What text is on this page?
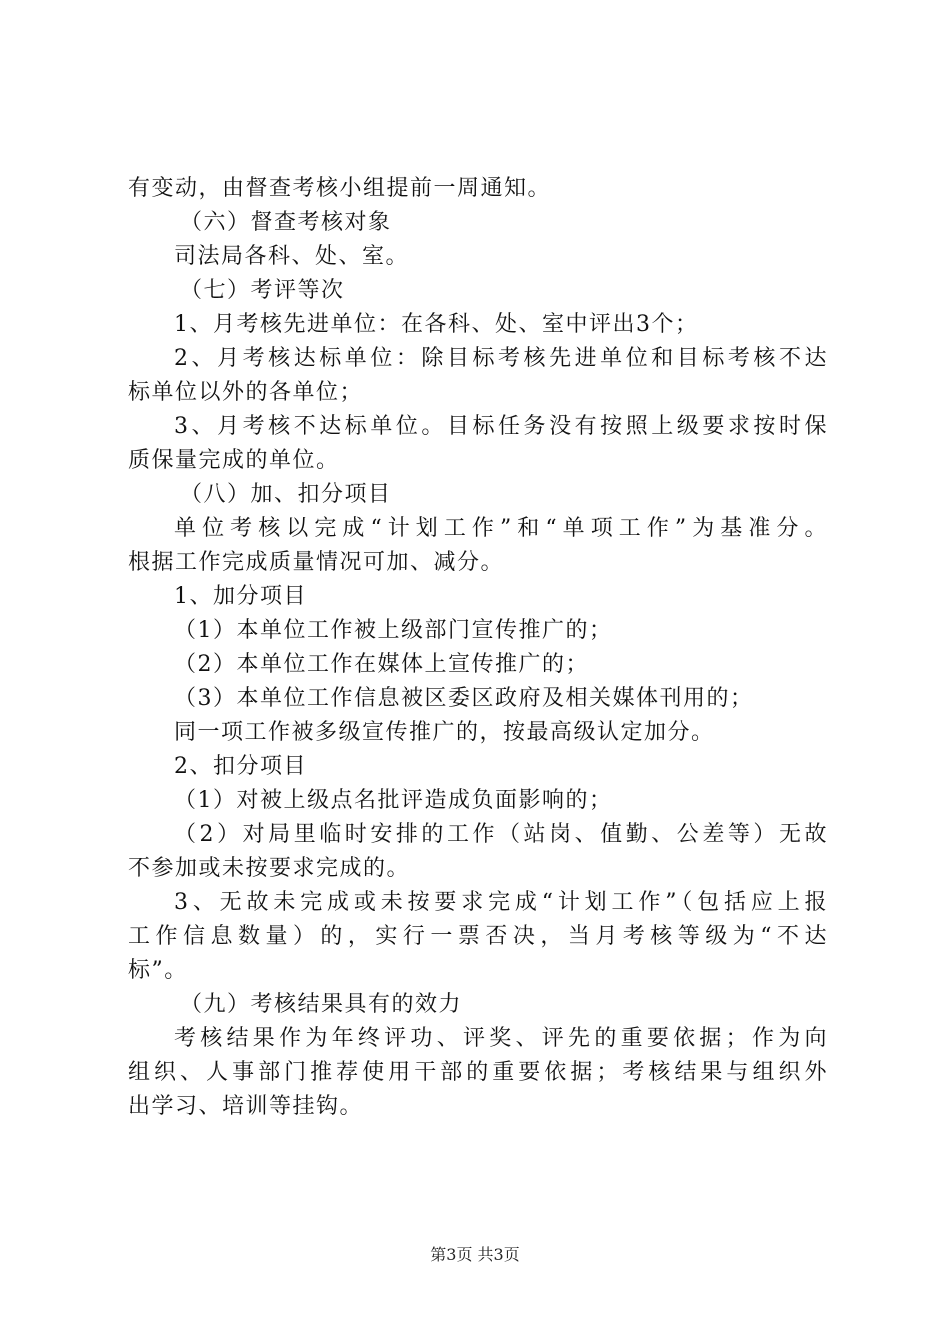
有变动，由督查考核小组提前一周通知。
（六）督查考核对象
司法局各科、处、室。
（七）考评等次
1、月考核先进单位：在各科、处、室中评出3个；
2、月考核达标单位：除目标考核先进单位和目标考核不达
标单位以外的各单位；
3、月考核不达标单位。目标任务没有按照上级要求按时保
质保量完成的单位。
（八）加、扣分项目
单位考核以完成“计划工作”和“单项工作”为基准分。
根据工作完成质量情况可加、减分。
1、加分项目
（1）本单位工作被上级部门宣传推广的；
（2）本单位工作在媒体上宣传推广的；
（3）本单位工作信息被区委区政府及相关媒体刊用的；
同一项工作被多级宣传推广的，按最高级认定加分。
2、扣分项目
（1）对被上级点名批评造成负面影响的；
（2）对局里临时安排的工作（站岗、值勤、公差等）无故
不参加或未按要求完成的。
3、无故未完成或未按要求完成“计划工作”（包括应上报
工作信息数量）的，实行一票否决，当月考核等级为“不达
标”。
（九）考核结果具有的效力
考核结果作为年终评功、评奖、评先的重要依据；作为向
组织、人事部门推荐使用干部的重要依据；考核结果与组织外
出学习、培训等挂钩。
第3页 共3页
